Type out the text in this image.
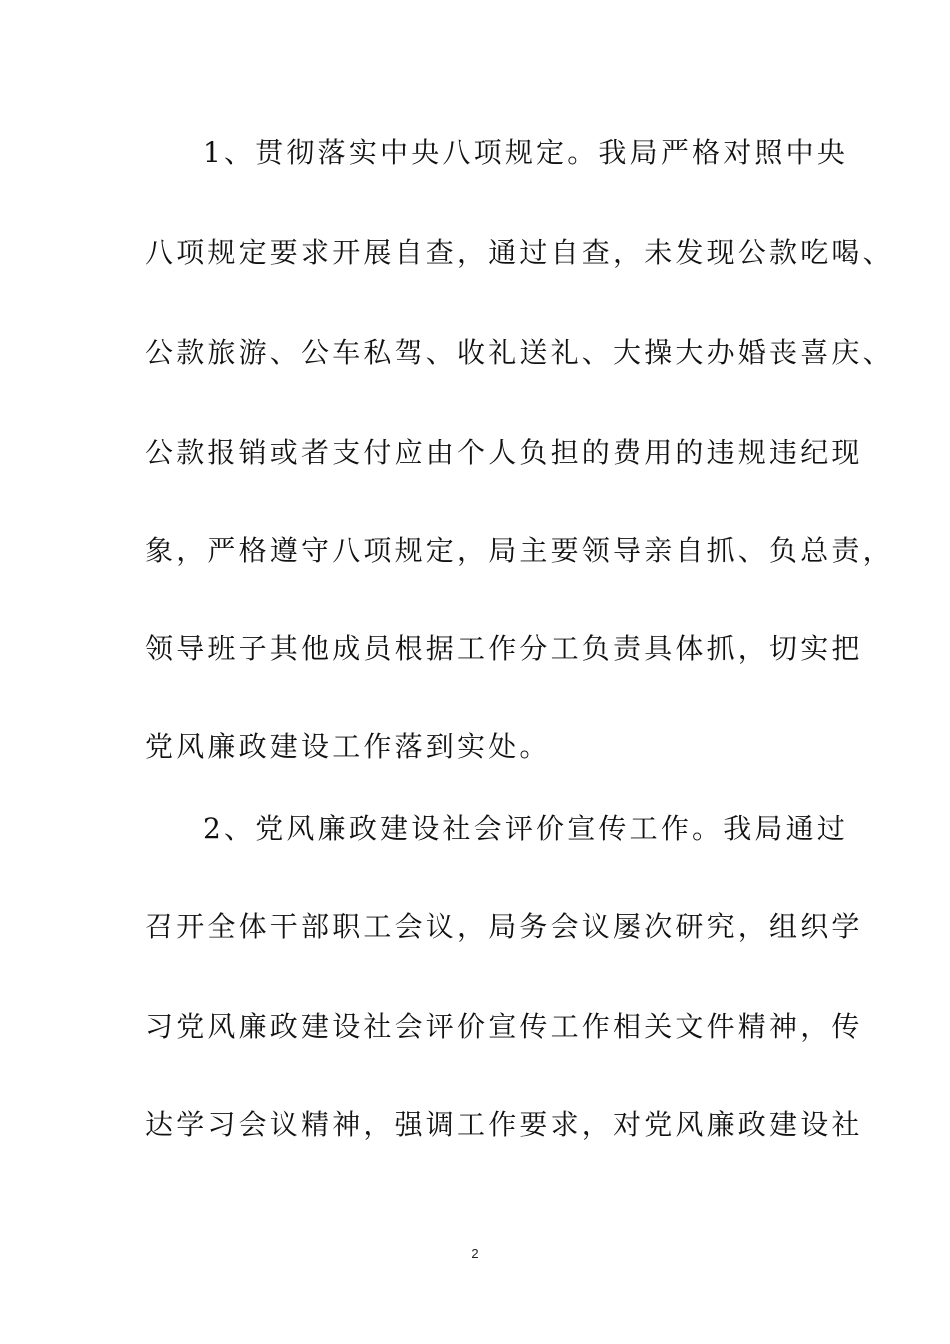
1、贯彻落实中央八项规定。我局严格对照中央
八项规定要求开展自查，通过自查，未发现公款吃喝、
公款旅游、公车私驾、收礼送礼、大操大办婚丧喜庆、
公款报销或者支付应由个人负担的费用的违规违纪现
象，严格遵守八项规定，局主要领导亲自抓、负总责，
领导班子其他成员根据工作分工负责具体抓，切实把
党风廉政建设工作落到实处。
2、党风廉政建设社会评价宣传工作。我局通过
召开全体干部职工会议，局务会议屡次研究，组织学
习党风廉政建设社会评价宣传工作相关文件精神，传
达学习会议精神，强调工作要求，对党风廉政建设社
2
